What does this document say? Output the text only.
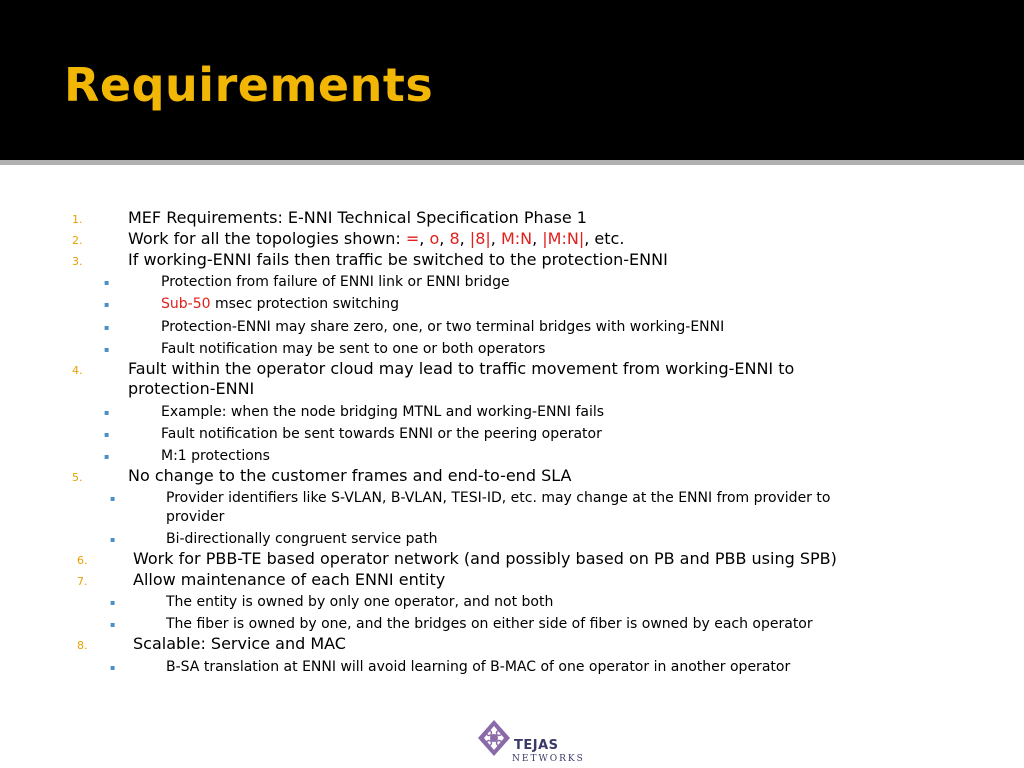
Requirements
1.	MEF Requirements: E-NNI Technical Specification Phase 1
2.	Work for all the topologies shown: =, o, 8, |8|, M:N, |M:N|, etc.
3.	If working-ENNI fails then traffic be switched to the protection-ENNI
▪	Protection from failure of ENNI link or ENNI bridge
▪	Sub-50 msec protection switching
▪	Protection-ENNI may share zero, one, or two terminal bridges with working-ENNI
▪	Fault notification may be sent to one or both operators
4.	Fault within the operator cloud may lead to traffic movement from working-ENNI to
protection-ENNI
▪	Example: when the node bridging MTNL and working-ENNI fails
▪	Fault notification be sent towards ENNI or the peering operator
▪	M:1 protections
5.	No change to the customer frames and end-to-end SLA
▪	Provider identifiers like S-VLAN, B-VLAN, TESI-ID, etc. may change at the ENNI from provider to
provider
▪	Bi-directionally congruent service path
6.	Work for PBB-TE based operator network (and possibly based on PB and PBB using SPB)
7.	Allow maintenance of each ENNI entity
▪	The entity is owned by only one operator, and not both
▪	The fiber is owned by one, and the bridges on either side of fiber is owned by each operator
8.	Scalable: Service and MAC
▪	B-SA translation at ENNI will avoid learning of B-MAC of one operator in another operator
TEJAS
NETWORKS
